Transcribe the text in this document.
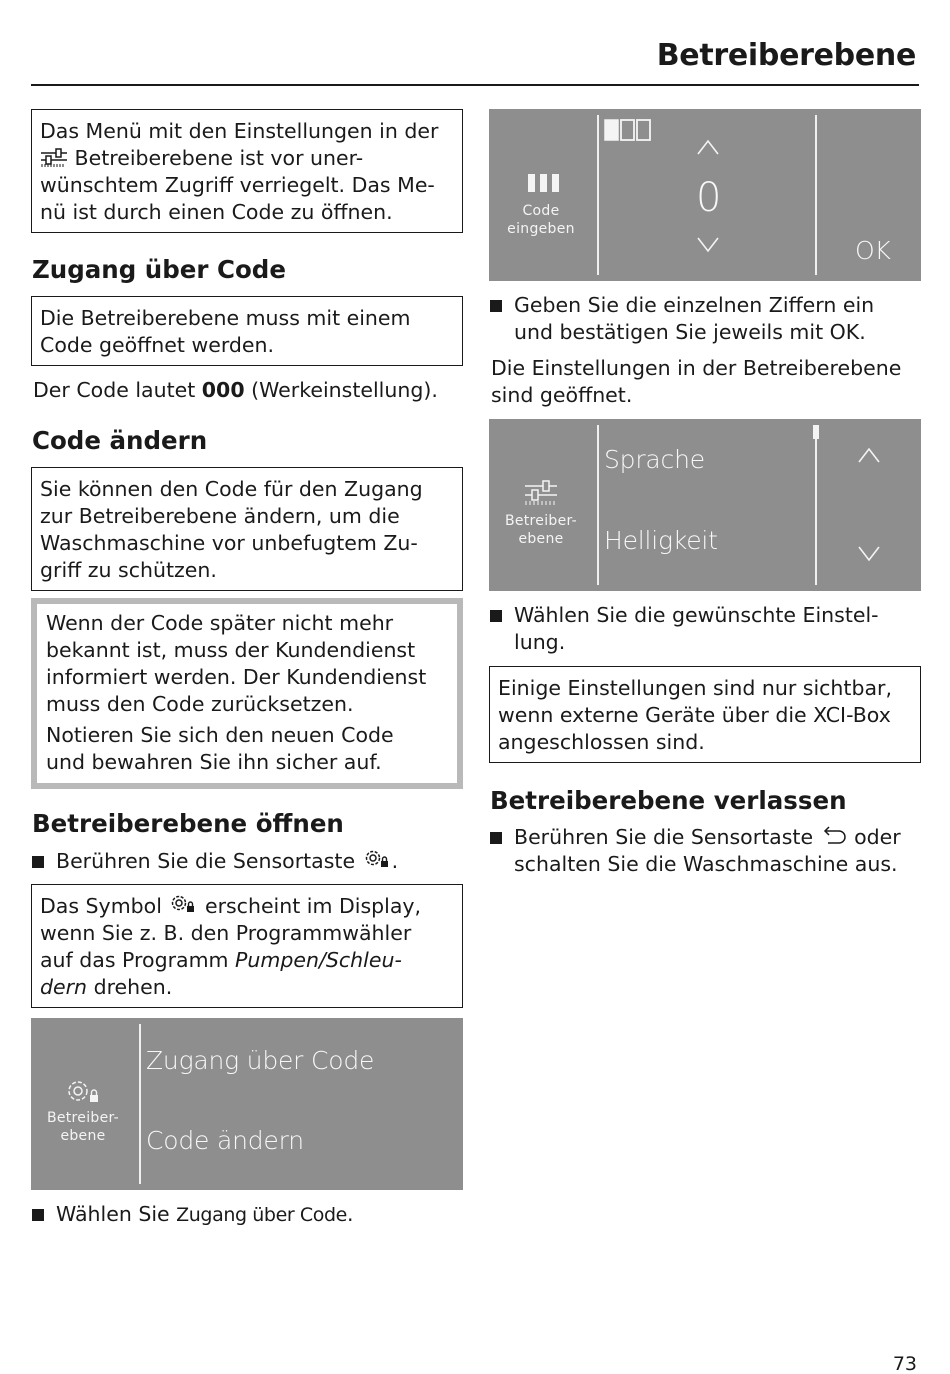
Betreiberebene
Das Menü mit den Einstellungen in der
Betreiberebene ist vor uner-
wünschtem Zugriff verriegelt. Das Me-
nü ist durch einen Code zu öffnen.
Zugang über Code
Die Betreiberebene muss mit einem
Code geöffnet werden.
Der Code lautet 000 (Werkeinstellung).
Code ändern
Sie können den Code für den Zugang
zur Betreiberebene ändern, um die
Waschmaschine vor unbefugtem Zu-
griff zu schützen.
Wenn der Code später nicht mehr
bekannt ist, muss der Kundendienst
informiert werden. Der Kundendienst
muss den Code zurücksetzen.
Notieren Sie sich den neuen Code
und bewahren Sie ihn sicher auf.
Betreiberebene öffnen
Berühren Sie die Sensortaste .
Das Symbol  erscheint im Display,
wenn Sie z. B. den Programmwähler
auf das Programm Pumpen/Schleu-
dern drehen.
Betreiber-
ebene
Zugang über Code
Code ändern
Wählen Sie Zugang über Code.
Code
eingeben
0
OK
Geben Sie die einzelnen Ziffern ein
und bestätigen Sie jeweils mit OK.
Die Einstellungen in der Betreiberebene
sind geöffnet.
Betreiber-
ebene
Sprache
Helligkeit
Wählen Sie die gewünschte Einstel-
lung.
Einige Einstellungen sind nur sichtbar,
wenn externe Geräte über die XCI-Box
angeschlossen sind.
Betreiberebene verlassen
Berühren Sie die Sensortaste  oder
schalten Sie die Waschmaschine aus.
73
